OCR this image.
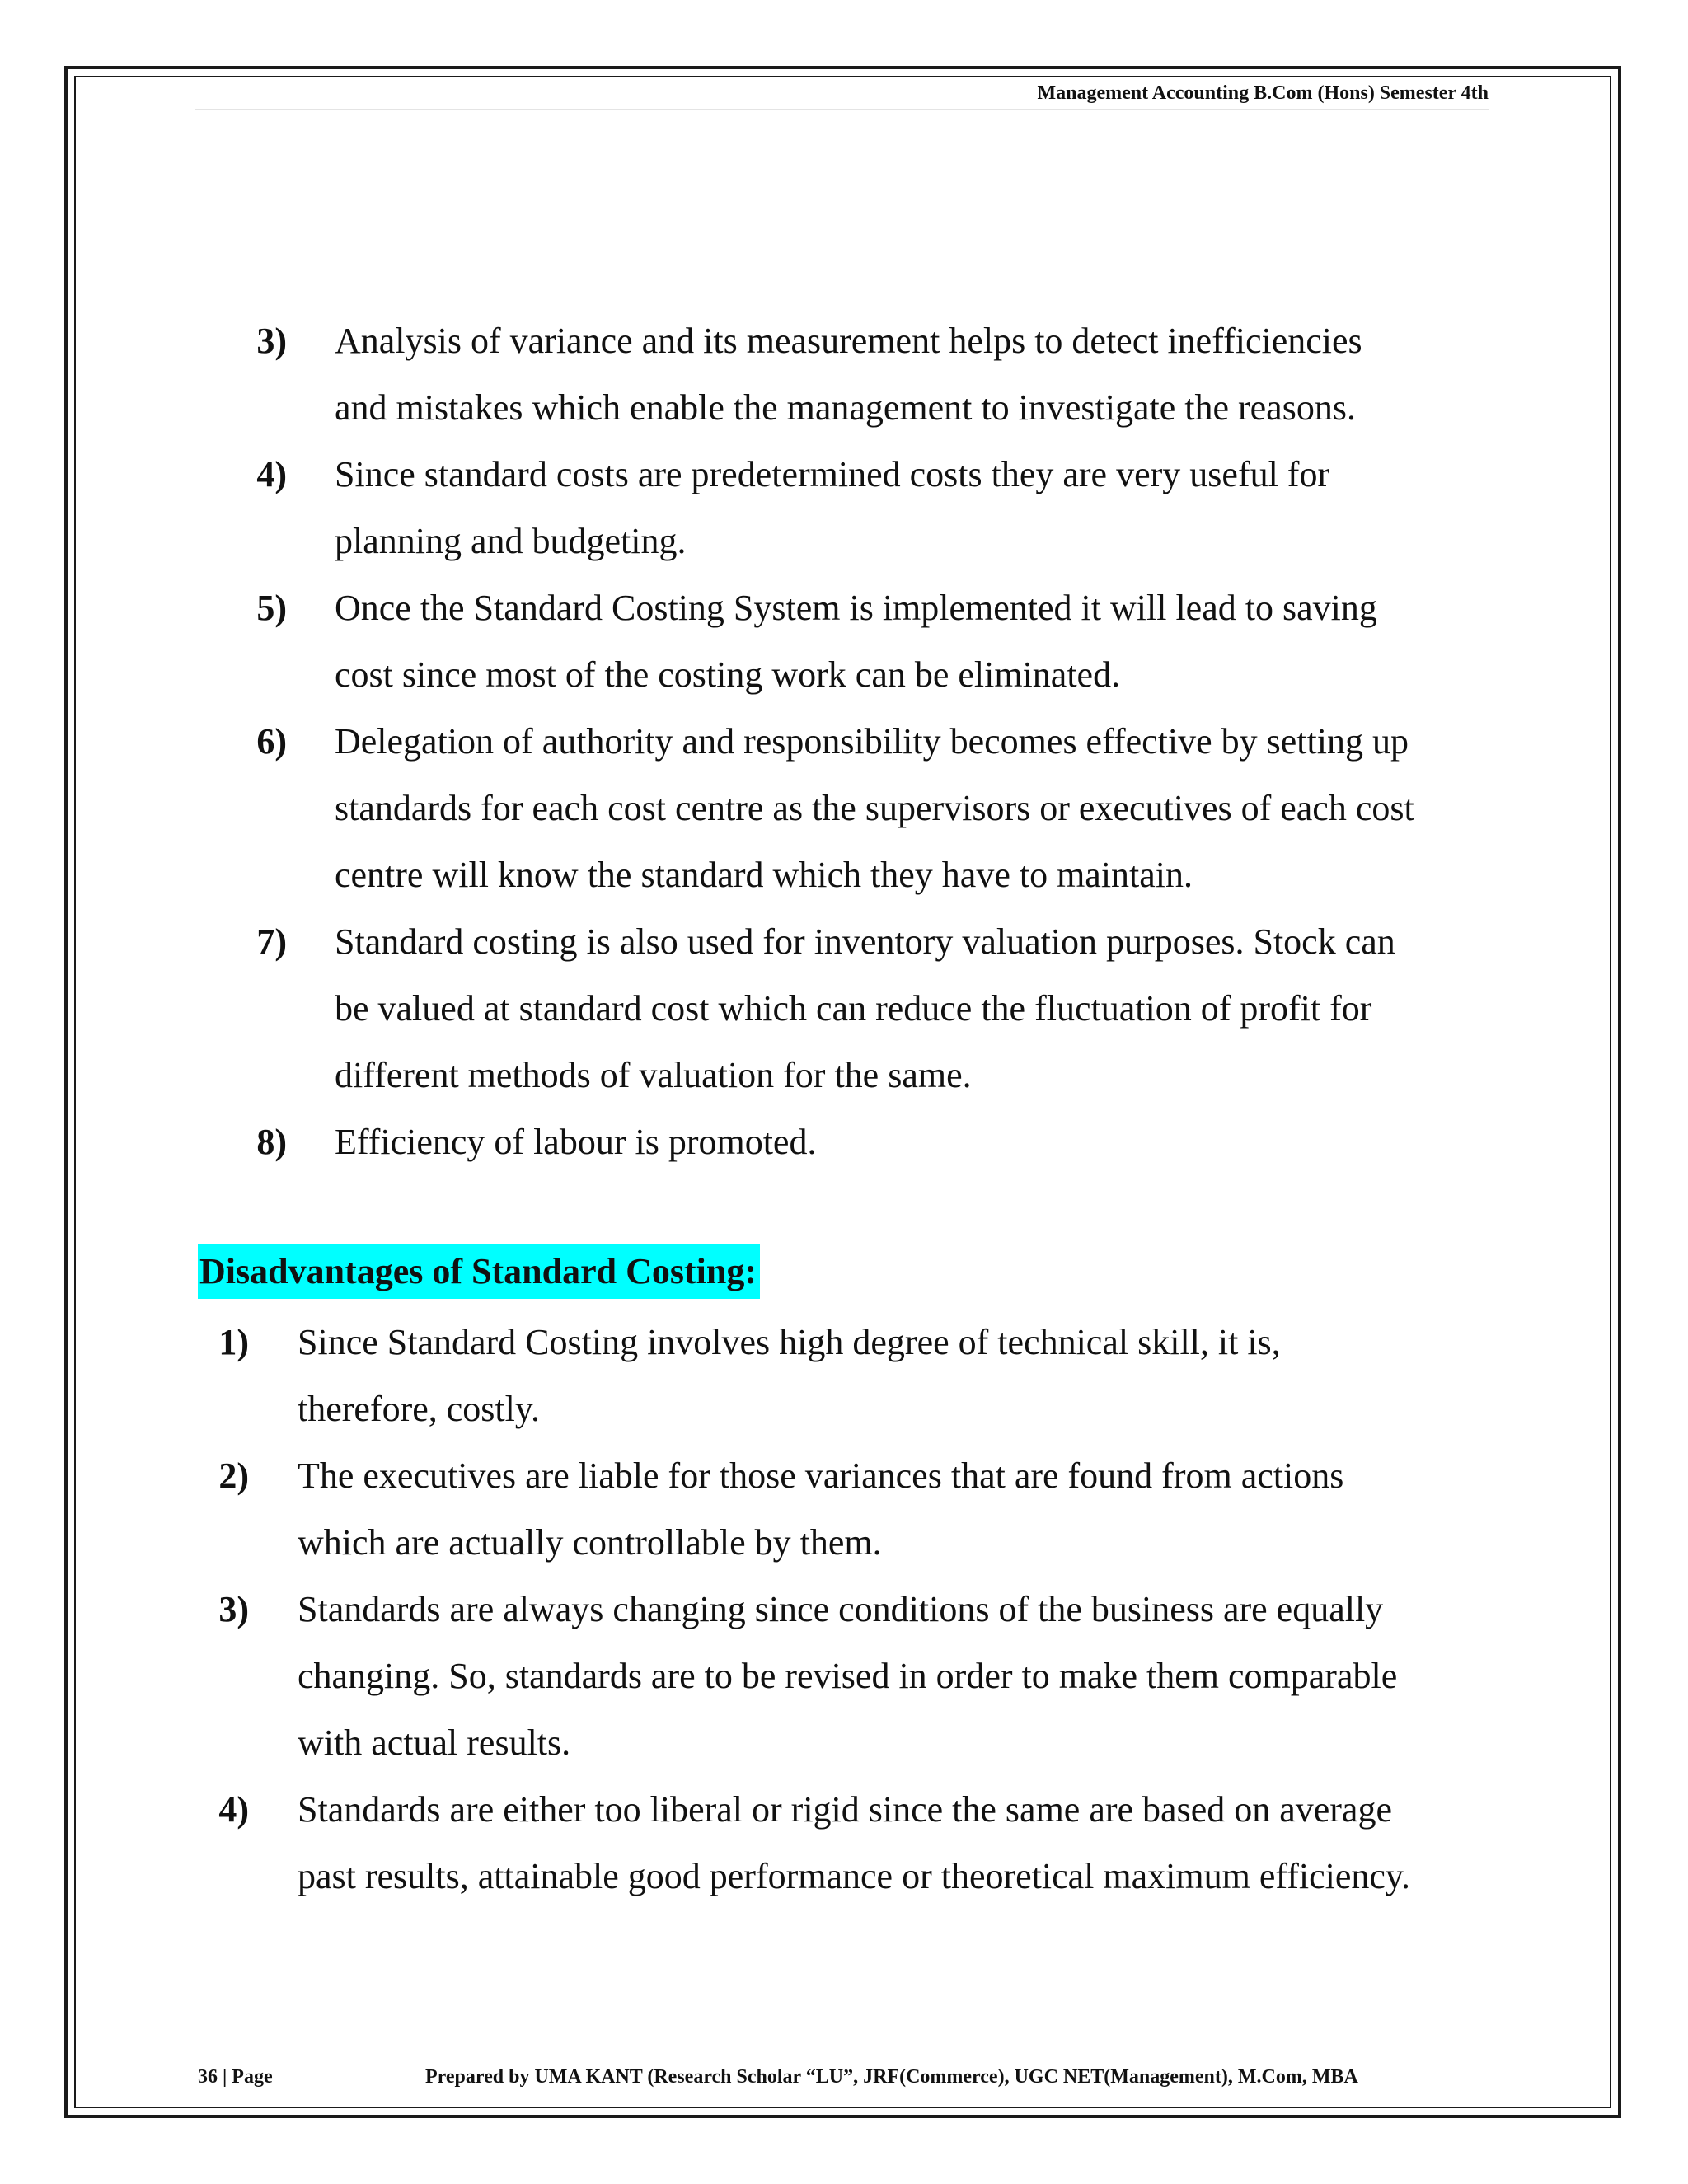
Management Accounting B.Com (Hons) Semester 4th
3) Analysis of variance and its measurement helps to detect inefficiencies
and mistakes which enable the management to investigate the reasons.
4) Since standard costs are predetermined costs they are very useful for
planning and budgeting.
5) Once the Standard Costing System is implemented it will lead to saving
cost since most of the costing work can be eliminated.
6) Delegation of authority and responsibility becomes effective by setting up
standards for each cost centre as the supervisors or executives of each cost
centre will know the standard which they have to maintain.
7) Standard costing is also used for inventory valuation purposes. Stock can
be valued at standard cost which can reduce the fluctuation of profit for
different methods of valuation for the same.
8) Efficiency of labour is promoted.
Disadvantages of Standard Costing:
1) Since Standard Costing involves high degree of technical skill, it is,
therefore, costly.
2) The executives are liable for those variances that are found from actions
which are actually controllable by them.
3) Standards are always changing since conditions of the business are equally
changing. So, standards are to be revised in order to make them comparable
with actual results.
4) Standards are either too liberal or rigid since the same are based on average
past results, attainable good performance or theoretical maximum efficiency.
36 | Page	Prepared by UMA KANT (Research Scholar “LU”, JRF(Commerce), UGC NET(Management), M.Com, MBA
